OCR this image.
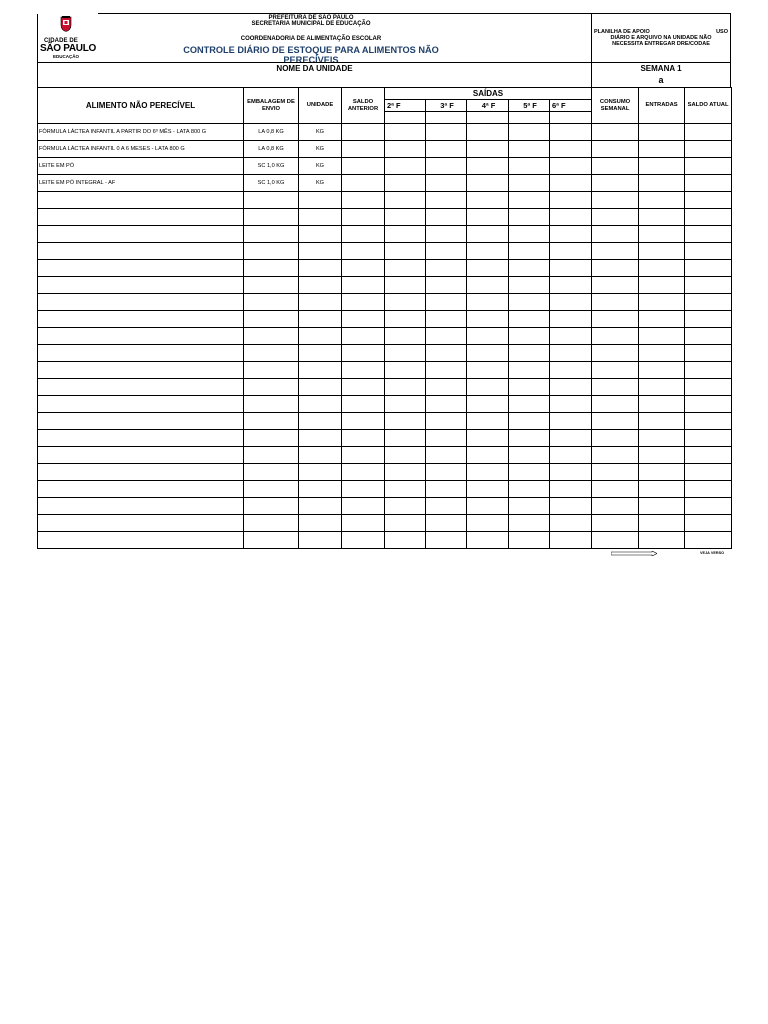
CIDADE DE
SÃO PAULO
EDUCAÇÃO
PREFEITURA DE SÃO PAULO
SECRETARIA MUNICIPAL DE EDUCAÇÃO
COORDENADORIA DE ALIMENTAÇÃO ESCOLAR
CONTROLE DIÁRIO DE ESTOQUE PARA ALIMENTOS NÃO PERECÍVEIS
PLANILHA DE APOIO	USO
DIÁRIO E ARQUIVO NA UNIDADE NÃO
NECESSITA ENTREGAR DRE/CODAE
NOME DA UNIDADE	SEMANA 1
a
ALIMENTO NÃO PERECÍVEL	EMBALAGEM DE ENVIO	UNIDADE	SALDO ANTERIOR	SAÍDAS					CONSUMO SEMANAL	ENTRADAS	SALDO ATUAL
				2ª F	3ª F	4ª F	5ª F	6ª F			

FÓRMULA LÁCTEA INFANTIL A PARTIR DO 6º MÊS - LATA 800 G	LA 0,8 KG	KG									
FÓRMULA LÁCTEA INFANTIL 0 A 6 MESES - LATA 800 G	LA 0,8 KG	KG									
LEITE EM PÓ	SC 1,0 KG	KG									
LEITE EM PÓ INTEGRAL - AF	SC 1,0 KG	KG									

VEJA VERSO
